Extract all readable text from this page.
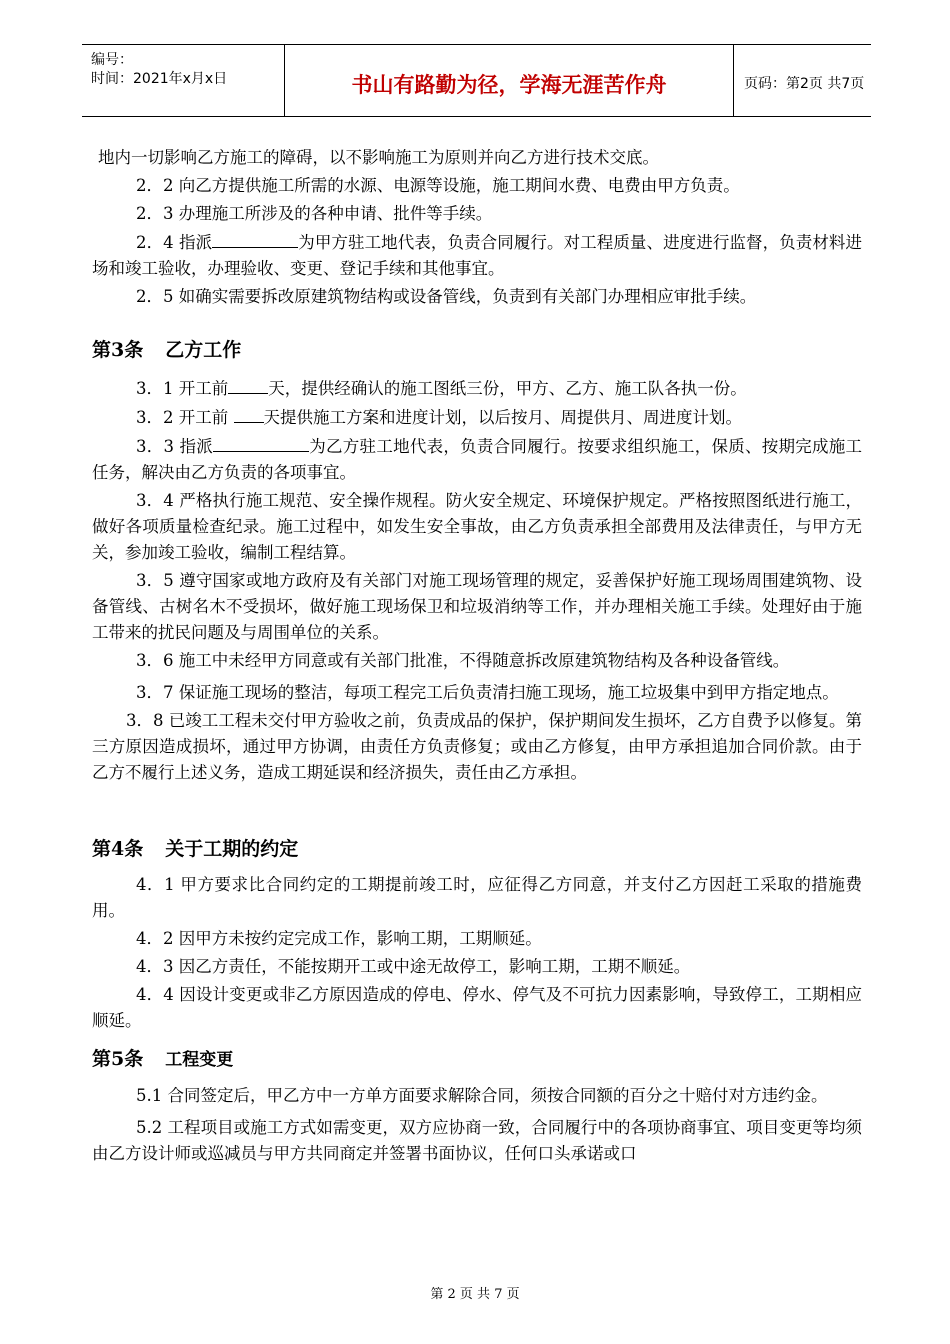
编号：
时间：2021年x月x日	书山有路勤为径，学海无涯苦作舟	页码：第2页 共7页

地内一切影响乙方施工的障碍，以不影响施工为原则并向乙方进行技术交底。

2．2 向乙方提供施工所需的水源、电源等设施，施工期间水费、电费由甲方负责。

2．3 办理施工所涉及的各种申请、批件等手续。

2．4 指派	为甲方驻工地代表，负责合同履行。对工程质量、进度进行监督，负责材料进场和竣工验收，办理验收、变更、登记手续和其他事宜。

2．5 如确实需要拆改原建筑物结构或设备管线，负责到有关部门办理相应审批手续。

第3条 乙方工作

3．1 开工前 天，提供经确认的施工图纸三份，甲方、乙方、施工队各执一份。

3．2 开工前 天提供施工方案和进度计划，以后按月、周提供月、周进度计划。

3．3 指派	为乙方驻工地代表，负责合同履行。按要求组织施工，保质、按期完成施工任务，解决由乙方负责的各项事宜。

3．4 严格执行施工规范、安全操作规程。防火安全规定、环境保护规定。严格按照图纸进行施工，做好各项质量检查纪录。施工过程中，如发生安全事故，由乙方负责承担全部费用及法律责任，与甲方无关，参加竣工验收，编制工程结算。

3．5 遵守国家或地方政府及有关部门对施工现场管理的规定，妥善保护好施工现场周围建筑物、设备管线、古树名木不受损坏，做好施工现场保卫和垃圾消纳等工作，并办理相关施工手续。处理好由于施工带来的扰民问题及与周围单位的关系。

3．6 施工中未经甲方同意或有关部门批准，不得随意拆改原建筑物结构及各种设备管线。

3．7 保证施工现场的整洁，每项工程完工后负责清扫施工现场，施工垃圾集中到甲方指定地点。

3．8 已竣工工程未交付甲方验收之前，负责成品的保护，保护期间发生损坏，乙方自费予以修复。第三方原因造成损坏，通过甲方协调，由责任方负责修复；或由乙方修复，由甲方承担追加合同价款。由于乙方不履行上述义务，造成工期延误和经济损失，责任由乙方承担。

第4条 关于工期的约定

4．1 甲方要求比合同约定的工期提前竣工时，应征得乙方同意，并支付乙方因赶工采取的措施费用。

4．2 因甲方未按约定完成工作，影响工期，工期顺延。

4．3 因乙方责任，不能按期开工或中途无故停工，影响工期，工期不顺延。

4．4 因设计变更或非乙方原因造成的停电、停水、停气及不可抗力因素影响，导致停工，工期相应顺延。

第5条 工程变更

5.1 合同签定后，甲乙方中一方单方面要求解除合同，须按合同额的百分之十赔付对方违约金。

5.2 工程项目或施工方式如需变更，双方应协商一致，合同履行中的各项协商事宜、项目变更等均须由乙方设计师或巡减员与甲方共同商定并签署书面协议，任何口头承诺或口

第 2 页 共 7 页
